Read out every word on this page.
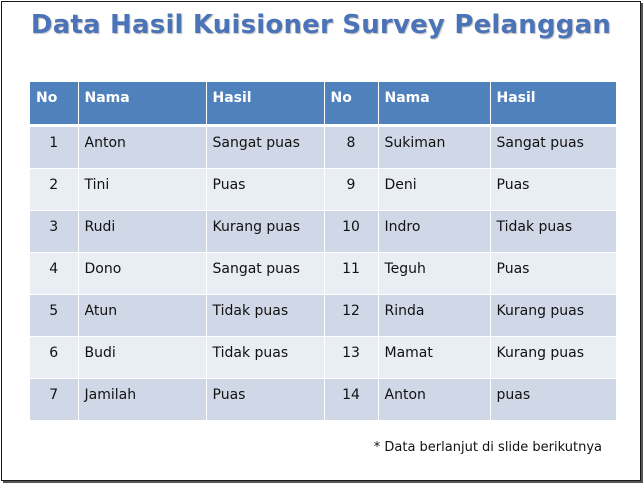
Data Hasil Kuisioner Survey Pelanggan
No	Nama	Hasil	No	Nama	Hasil
1	Anton	Sangat puas	8	Sukiman	Sangat puas
2	Tini	Puas	9	Deni	Puas
3	Rudi	Kurang puas	10	Indro	Tidak puas
4	Dono	Sangat puas	11	Teguh	Puas
5	Atun	Tidak puas	12	Rinda	Kurang puas
6	Budi	Tidak puas	13	Mamat	Kurang puas
7	Jamilah	Puas	14	Anton	puas
* Data berlanjut di slide berikutnya
